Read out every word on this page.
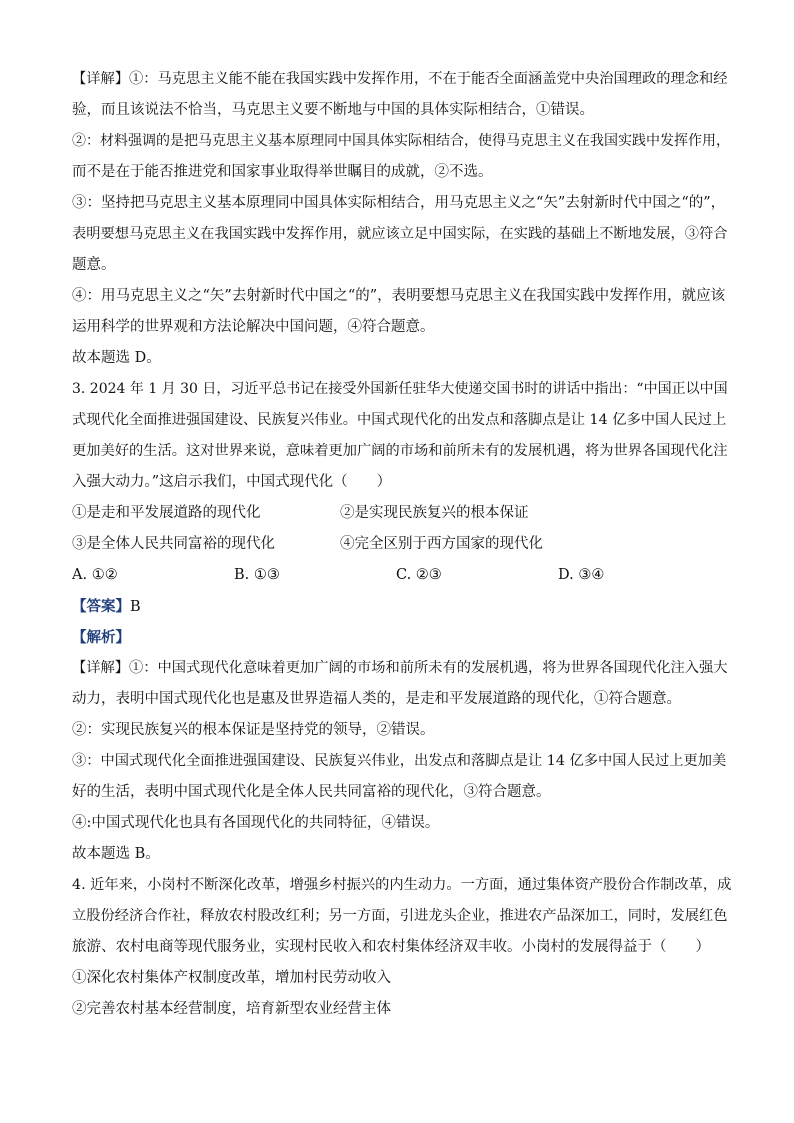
【详解】①：马克思主义能不能在我国实践中发挥作用，不在于能否全面涵盖党中央治国理政的理念和经
验，而且该说法不恰当，马克思主义要不断地与中国的具体实际相结合，①错误。
②：材料强调的是把马克思主义基本原理同中国具体实际相结合，使得马克思主义在我国实践中发挥作用，
而不是在于能否推进党和国家事业取得举世瞩目的成就，②不选。
③：坚持把马克思主义基本原理同中国具体实际相结合，用马克思主义之“矢”去射新时代中国之“的”，
表明要想马克思主义在我国实践中发挥作用，就应该立足中国实际，在实践的基础上不断地发展，③符合
题意。
④：用马克思主义之“矢”去射新时代中国之“的”，表明要想马克思主义在我国实践中发挥作用，就应该
运用科学的世界观和方法论解决中国问题，④符合题意。
故本题选 D。
3. 2024 年 1 月 30 日，习近平总书记在接受外国新任驻华大使递交国书时的讲话中指出：“中国正以中国
式现代化全面推进强国建设、民族复兴伟业。中国式现代化的出发点和落脚点是让 14 亿多中国人民过上
更加美好的生活。这对世界来说，意味着更加广阔的市场和前所未有的发展机遇，将为世界各国现代化注
入强大动力。”这启示我们，中国式现代化（　　）
①是走和平发展道路的现代化	②是实现民族复兴的根本保证
③是全体人民共同富裕的现代化	④完全区别于西方国家的现代化
A. ①②	B. ①③	C. ②③	D. ③④
【答案】B
【解析】
【详解】①：中国式现代化意味着更加广阔的市场和前所未有的发展机遇，将为世界各国现代化注入强大
动力，表明中国式现代化也是惠及世界造福人类的，是走和平发展道路的现代化，①符合题意。
②：实现民族复兴的根本保证是坚持党的领导，②错误。
③：中国式现代化全面推进强国建设、民族复兴伟业，出发点和落脚点是让 14 亿多中国人民过上更加美
好的生活，表明中国式现代化是全体人民共同富裕的现代化，③符合题意。
④:中国式现代化也具有各国现代化的共同特征，④错误。
故本题选 B。
4. 近年来，小岗村不断深化改革，增强乡村振兴的内生动力。一方面，通过集体资产股份合作制改革，成
立股份经济合作社，释放农村股改红利；另一方面，引进龙头企业，推进农产品深加工，同时，发展红色
旅游、农村电商等现代服务业，实现村民收入和农村集体经济双丰收。小岗村的发展得益于（　　）
①深化农村集体产权制度改革，增加村民劳动收入
②完善农村基本经营制度，培育新型农业经营主体
